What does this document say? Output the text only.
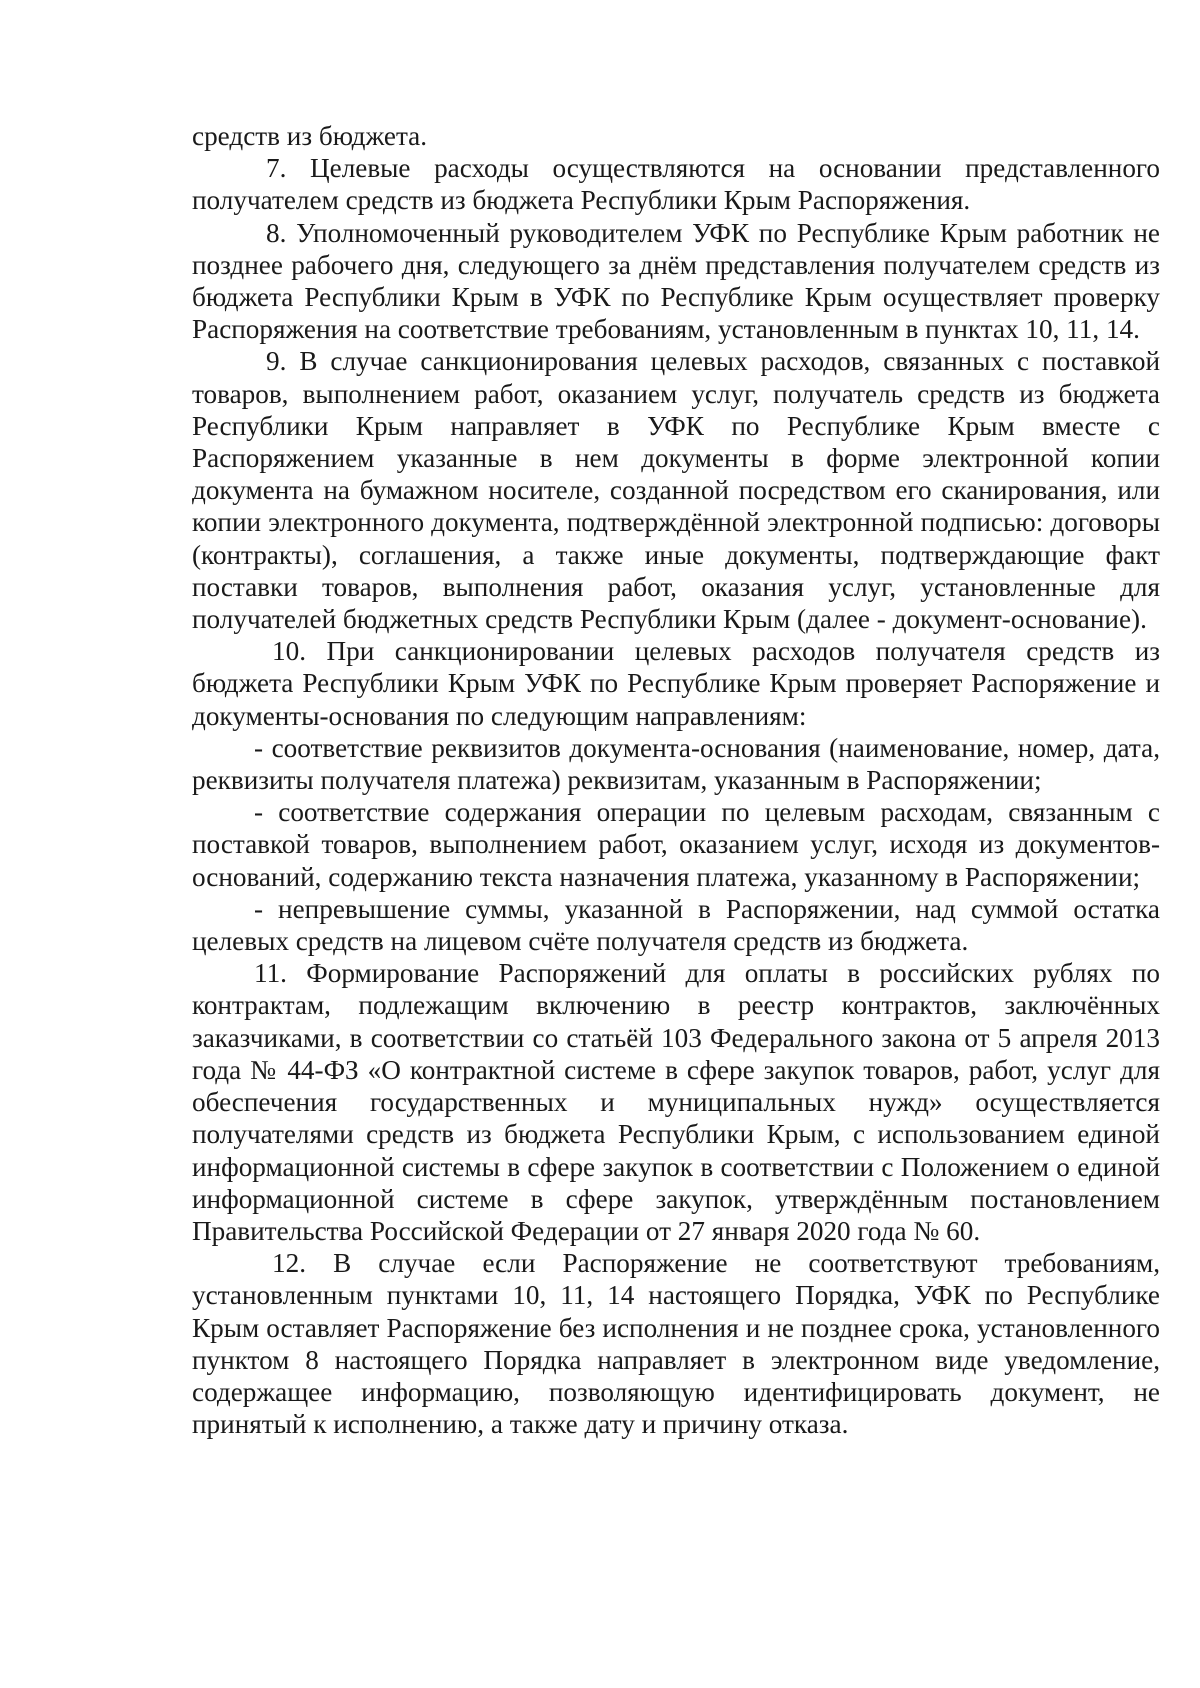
средств из бюджета.

7. Целевые расходы осуществляются на основании представленного получателем средств из бюджета Республики Крым Распоряжения.

8. Уполномоченный руководителем УФК по Республике Крым работник не позднее рабочего дня, следующего за днём представления получателем средств из бюджета Республики Крым в УФК по Республике Крым осуществляет проверку Распоряжения на соответствие требованиям, установленным в пунктах 10, 11, 14.

9. В случае санкционирования целевых расходов, связанных с поставкой товаров, выполнением работ, оказанием услуг, получатель средств из бюджета Республики Крым направляет в УФК по Республике Крым вместе с Распоряжением указанные в нем документы в форме электронной копии документа на бумажном носителе, созданной посредством его сканирования, или копии электронного документа, подтверждённой электронной подписью: договоры (контракты), соглашения, а также иные документы, подтверждающие факт поставки товаров, выполнения работ, оказания услуг, установленные для получателей бюджетных средств Республики Крым (далее - документ-основание).

10. При санкционировании целевых расходов получателя средств из бюджета Республики Крым УФК по Республике Крым проверяет Распоряжение и документы-основания по следующим направлениям:

- соответствие реквизитов документа-основания (наименование, номер, дата, реквизиты получателя платежа) реквизитам, указанным в Распоряжении;

- соответствие содержания операции по целевым расходам, связанным с поставкой товаров, выполнением работ, оказанием услуг, исходя из документов-оснований, содержанию текста назначения платежа, указанному в Распоряжении;

- непревышение суммы, указанной в Распоряжении, над суммой остатка целевых средств на лицевом счёте получателя средств из бюджета.

11. Формирование Распоряжений для оплаты в российских рублях по контрактам, подлежащим включению в реестр контрактов, заключённых заказчиками, в соответствии со статьёй 103 Федерального закона от 5 апреля 2013 года № 44-ФЗ «О контрактной системе в сфере закупок товаров, работ, услуг для обеспечения государственных и муниципальных нужд» осуществляется получателями средств из бюджета Республики Крым, с использованием единой информационной системы в сфере закупок в соответствии с Положением о единой информационной системе в сфере закупок, утверждённым постановлением Правительства Российской Федерации от 27 января 2020 года № 60.

12. В случае если Распоряжение не соответствуют требованиям, установленным пунктами 10, 11, 14 настоящего Порядка, УФК по Республике Крым оставляет Распоряжение без исполнения и не позднее срока, установленного пунктом 8 настоящего Порядка направляет в электронном виде уведомление, содержащее информацию, позволяющую идентифицировать документ, не принятый к исполнению, а также дату и причину отказа.
